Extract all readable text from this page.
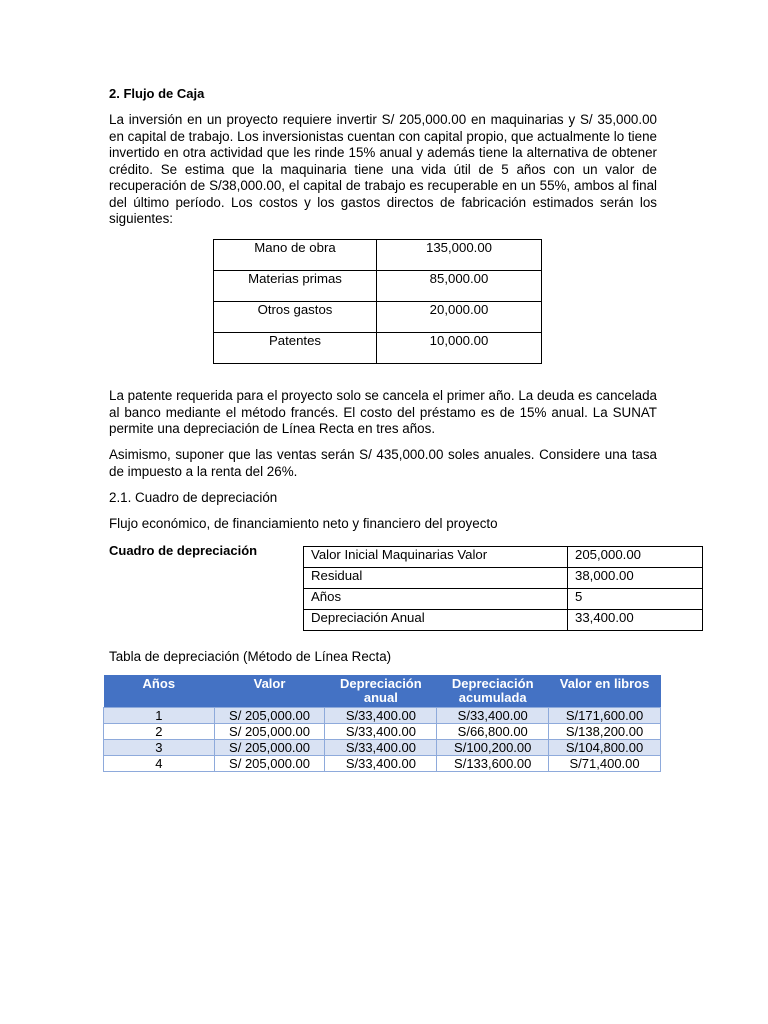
2. Flujo de Caja

La inversión en un proyecto requiere invertir S/ 205,000.00 en maquinarias y S/ 35,000.00 en capital de trabajo. Los inversionistas cuentan con capital propio, que actualmente lo tiene invertido en otra actividad que les rinde 15% anual y además tiene la alternativa de obtener crédito. Se estima que la maquinaria tiene una vida útil de 5 años con un valor de recuperación de S/38,000.00, el capital de trabajo es recuperable en un 55%, ambos al final del último período. Los costos y los gastos directos de fabricación estimados serán los siguientes:

Mano de obra	135,000.00
Materias primas	85,000.00
Otros gastos	20,000.00
Patentes	10,000.00

La patente requerida para el proyecto solo se cancela el primer año. La deuda es cancelada al banco mediante el método francés. El costo del préstamo es de 15% anual. La SUNAT permite una depreciación de Línea Recta en tres años.

Asimismo, suponer que las ventas serán S/ 435,000.00 soles anuales. Considere una tasa de impuesto a la renta del 26%.

2.1. Cuadro de depreciación

Flujo económico, de financiamiento neto y financiero del proyecto

Cuadro de depreciación	Valor Inicial Maquinarias Valor	205,000.00
Residual	38,000.00
Años	5
Depreciación Anual	33,400.00

Tabla de depreciación (Método de Línea Recta)

Años	Valor	Depreciación anual	Depreciación acumulada	Valor en libros
1	S/ 205,000.00	S/33,400.00	S/33,400.00	S/171,600.00
2	S/ 205,000.00	S/33,400.00	S/66,800.00	S/138,200.00
3	S/ 205,000.00	S/33,400.00	S/100,200.00	S/104,800.00
4	S/ 205,000.00	S/33,400.00	S/133,600.00	S/71,400.00
